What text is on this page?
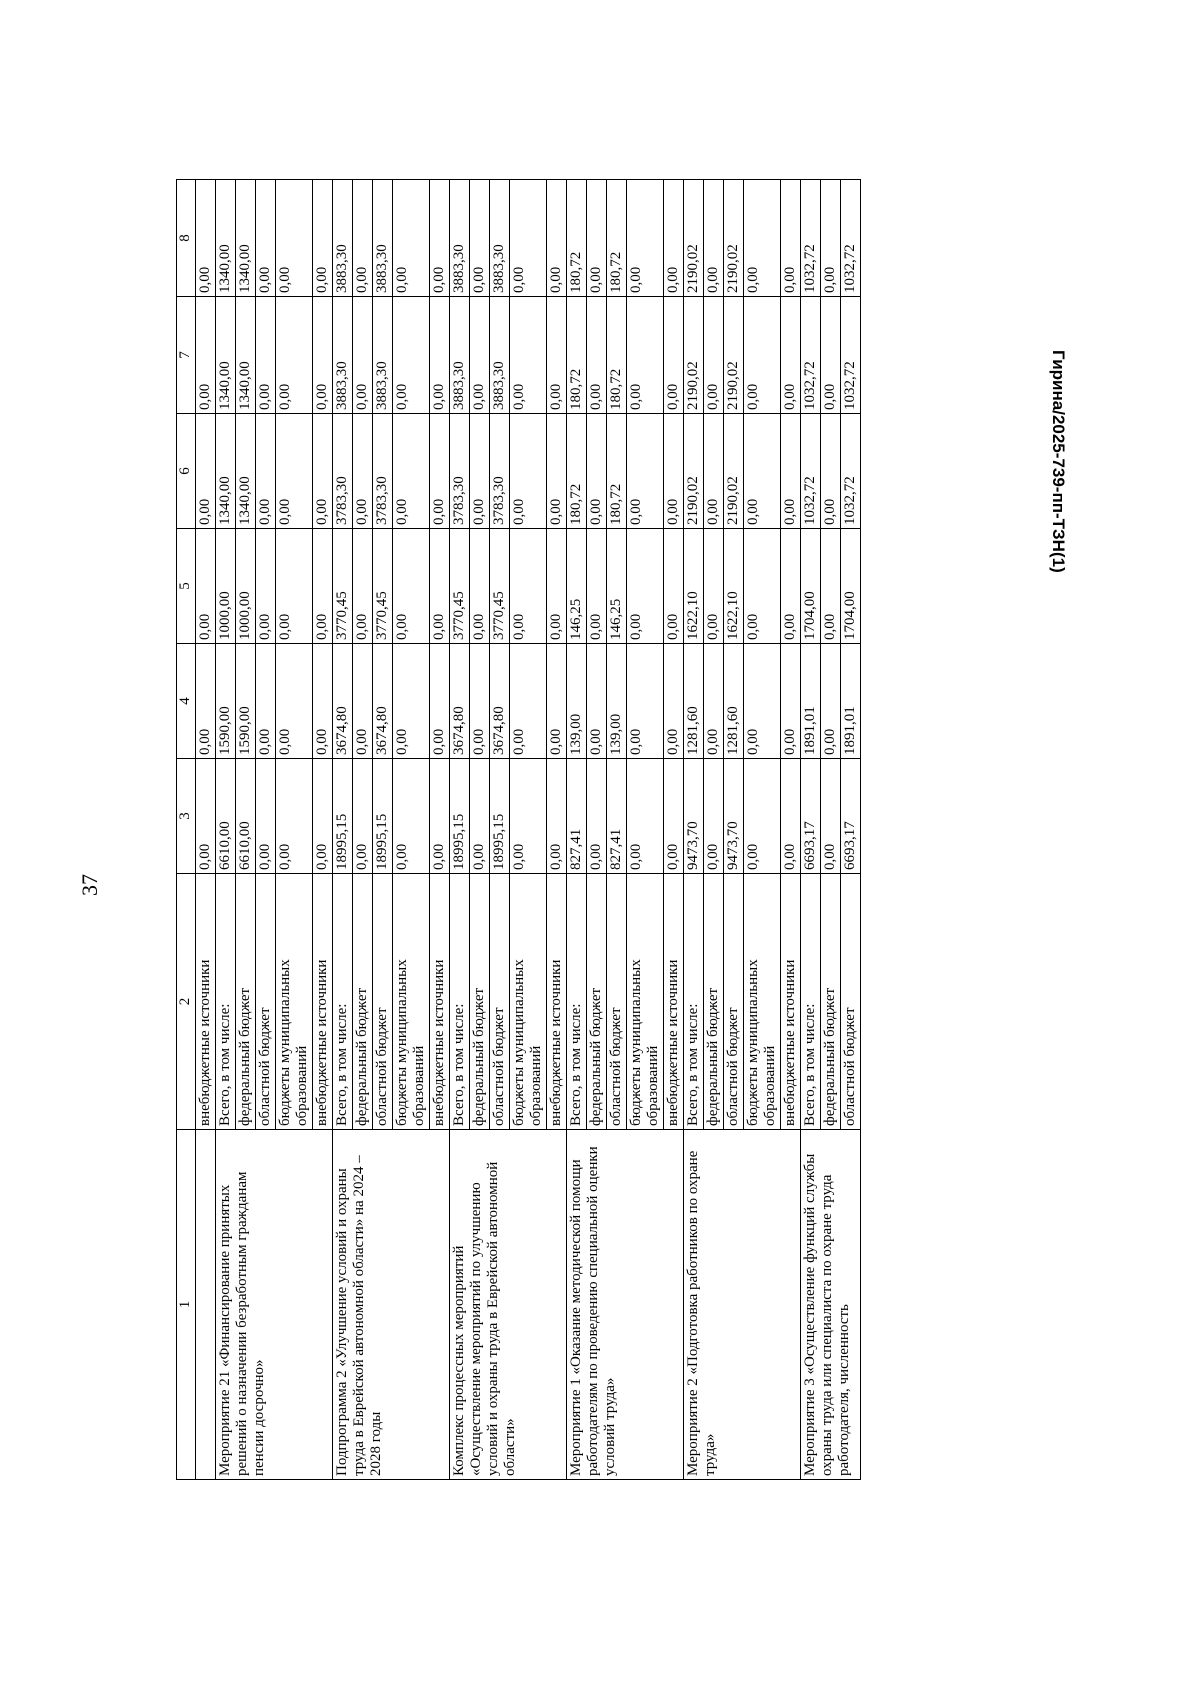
37
Гирина/2025-739-пп-ТЗН(1)
1	2	3	4	5	6	7	8
	внебюджетные источники	0,00	0,00	0,00	0,00	0,00	0,00
Мероприятие 21 «Финансирование принятых решений о назначении безработным гражданам пенсии досрочно»	Всего, в том числе:	6610,00	1590,00	1000,00	1340,00	1340,00	1340,00
	федеральный бюджет	6610,00	1590,00	1000,00	1340,00	1340,00	1340,00
	областной бюджет	0,00	0,00	0,00	0,00	0,00	0,00
	бюджеты муниципальных образований	0,00	0,00	0,00	0,00	0,00	0,00
	внебюджетные источники	0,00	0,00	0,00	0,00	0,00	0,00
Подпрограмма 2 «Улучшение условий и охраны труда в Еврейской автономной области» на 2024 – 2028 годы	Всего, в том числе:	18995,15	3674,80	3770,45	3783,30	3883,30	3883,30
	федеральный бюджет	0,00	0,00	0,00	0,00	0,00	0,00
	областной бюджет	18995,15	3674,80	3770,45	3783,30	3883,30	3883,30
	бюджеты муниципальных образований	0,00	0,00	0,00	0,00	0,00	0,00
	внебюджетные источники	0,00	0,00	0,00	0,00	0,00	0,00
Комплекс процессных мероприятий «Осуществление мероприятий по улучшению условий и охраны труда в Еврейской автономной области»	Всего, в том числе:	18995,15	3674,80	3770,45	3783,30	3883,30	3883,30
	федеральный бюджет	0,00	0,00	0,00	0,00	0,00	0,00
	областной бюджет	18995,15	3674,80	3770,45	3783,30	3883,30	3883,30
	бюджеты муниципальных образований	0,00	0,00	0,00	0,00	0,00	0,00
	внебюджетные источники	0,00	0,00	0,00	0,00	0,00	0,00
Мероприятие 1 «Оказание методической помощи работодателям по проведению специальной оценки условий труда»	Всего, в том числе:	827,41	139,00	146,25	180,72	180,72	180,72
	федеральный бюджет	0,00	0,00	0,00	0,00	0,00	0,00
	областной бюджет	827,41	139,00	146,25	180,72	180,72	180,72
	бюджеты муниципальных образований	0,00	0,00	0,00	0,00	0,00	0,00
	внебюджетные источники	0,00	0,00	0,00	0,00	0,00	0,00
Мероприятие 2 «Подготовка работников по охране труда»	Всего, в том числе:	9473,70	1281,60	1622,10	2190,02	2190,02	2190,02
	федеральный бюджет	0,00	0,00	0,00	0,00	0,00	0,00
	областной бюджет	9473,70	1281,60	1622,10	2190,02	2190,02	2190,02
	бюджеты муниципальных образований	0,00	0,00	0,00	0,00	0,00	0,00
	внебюджетные источники	0,00	0,00	0,00	0,00	0,00	0,00
Мероприятие 3 «Осуществление функций службы охраны труда или специалиста по охране труда работодателя, численность	Всего, в том числе:	6693,17	1891,01	1704,00	1032,72	1032,72	1032,72
	федеральный бюджет	0,00	0,00	0,00	0,00	0,00	0,00
	областной бюджет	6693,17	1891,01	1704,00	1032,72	1032,72	1032,72
